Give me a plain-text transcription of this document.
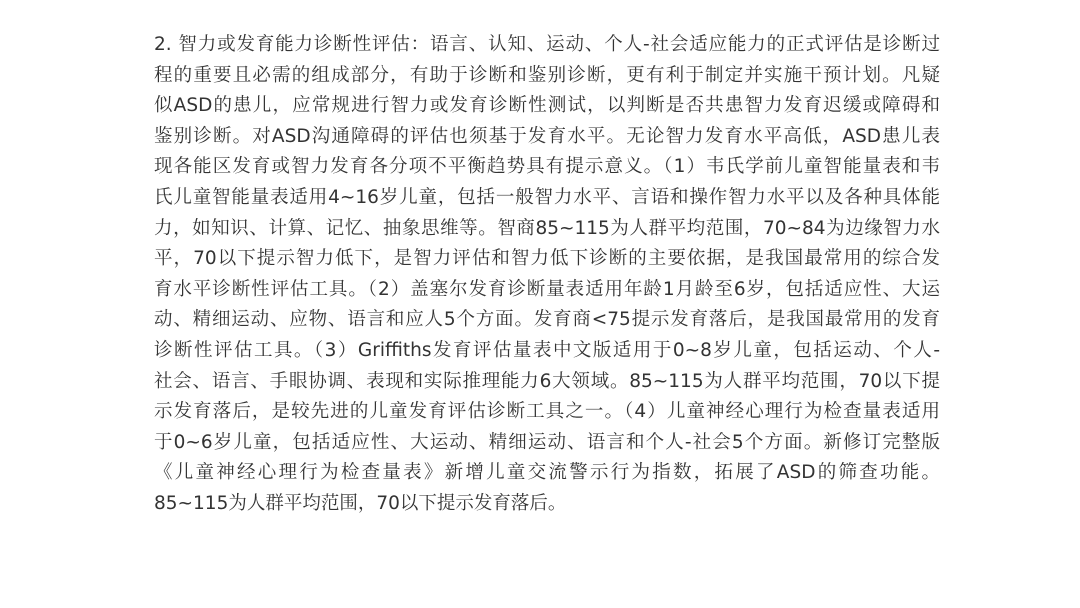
2. 智力或发育能力诊断性评估：语言、认知、运动、个人-社会适应能力的正式评估是诊断过
程的重要且必需的组成部分，有助于诊断和鉴别诊断，更有利于制定并实施干预计划。凡疑
似ASD的患儿，应常规进行智力或发育诊断性测试，以判断是否共患智力发育迟缓或障碍和
鉴别诊断。对ASD沟通障碍的评估也须基于发育水平。无论智力发育水平高低，ASD患儿表
现各能区发育或智力发育各分项不平衡趋势具有提示意义。（1）韦氏学前儿童智能量表和韦
氏儿童智能量表适用4~16岁儿童，包括一般智力水平、言语和操作智力水平以及各种具体能
力，如知识、计算、记忆、抽象思维等。智商85~115为人群平均范围，70~84为边缘智力水
平，70以下提示智力低下，是智力评估和智力低下诊断的主要依据，是我国最常用的综合发
育水平诊断性评估工具。（2）盖塞尔发育诊断量表适用年龄1月龄至6岁，包括适应性、大运
动、精细运动、应物、语言和应人5个方面。发育商<75提示发育落后，是我国最常用的发育
诊断性评估工具。（3）Griffiths发育评估量表中文版适用于0~8岁儿童，包括运动、个人-
社会、语言、手眼协调、表现和实际推理能力6大领域。85~115为人群平均范围，70以下提
示发育落后，是较先进的儿童发育评估诊断工具之一。（4）儿童神经心理行为检查量表适用
于0~6岁儿童，包括适应性、大运动、精细运动、语言和个人-社会5个方面。新修订完整版
《儿童神经心理行为检查量表》新增儿童交流警示行为指数，拓展了ASD的筛查功能。
85~115为人群平均范围，70以下提示发育落后。
